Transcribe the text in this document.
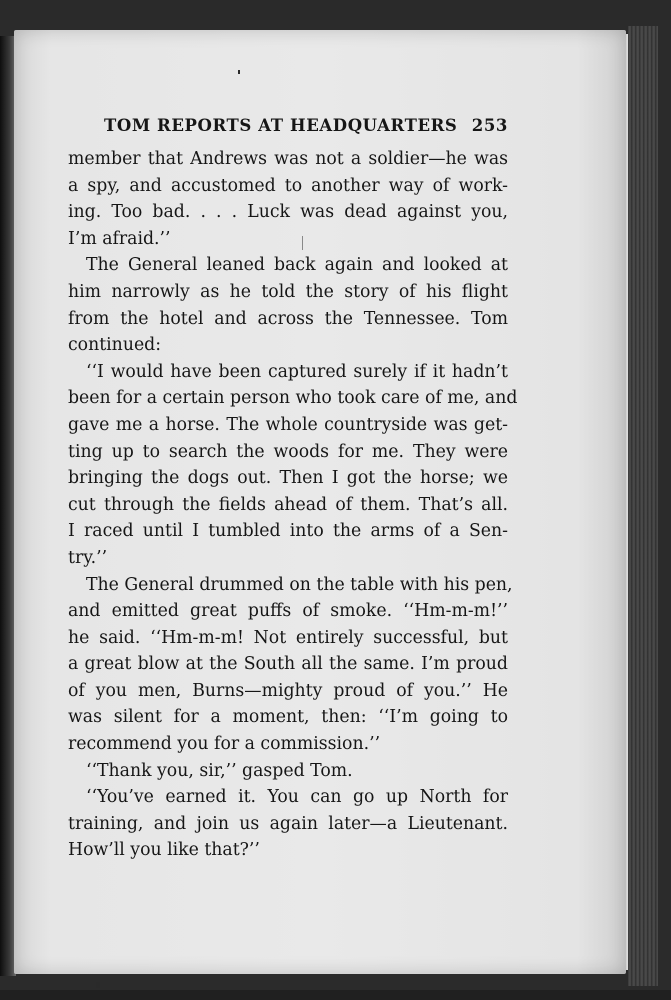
TOM REPORTS AT HEADQUARTERS 253
member that Andrews was not a soldier—he was
a spy, and accustomed to another way of work-
ing. Too bad. . . . Luck was dead against you,
I’m afraid.’’
The General leaned back again and looked at
him narrowly as he told the story of his flight
from the hotel and across the Tennessee. Tom
continued:
‘‘I would have been captured surely if it hadn’t
been for a certain person who took care of me, and
gave me a horse. The whole countryside was get-
ting up to search the woods for me. They were
bringing the dogs out. Then I got the horse; we
cut through the fields ahead of them. That’s all.
I raced until I tumbled into the arms of a Sen-
try.’’
The General drummed on the table with his pen,
and emitted great puffs of smoke. ‘‘Hm-m-m!’’
he said. ‘‘Hm-m-m! Not entirely successful, but
a great blow at the South all the same. I’m proud
of you men, Burns—mighty proud of you.’’ He
was silent for a moment, then: ‘‘I’m going to
recommend you for a commission.’’
‘‘Thank you, sir,’’ gasped Tom.
‘‘You’ve earned it. You can go up North for
training, and join us again later—a Lieutenant.
How’ll you like that?’’
